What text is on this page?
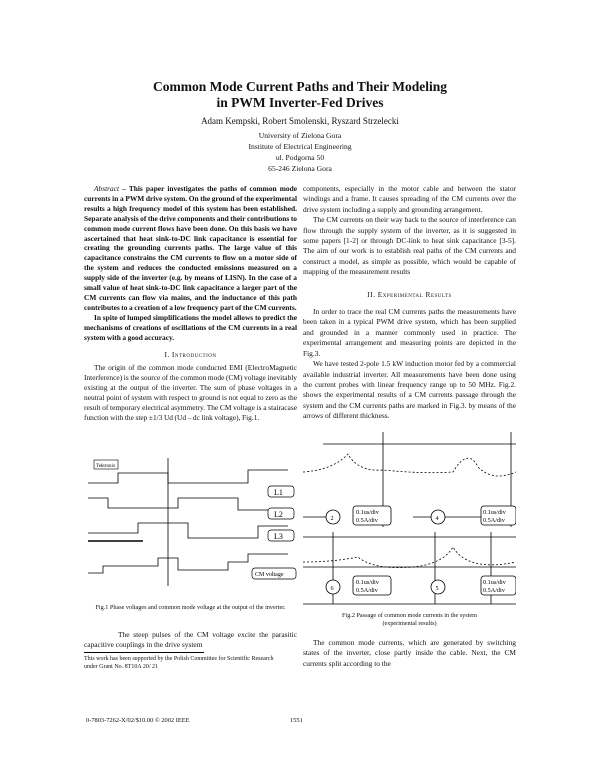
Common Mode Current Paths and Their Modeling
in PWM Inverter-Fed Drives
Adam Kempski, Robert Smolenski, Ryszard Strzelecki
University of Zielona Gora
Institute of Electrical Engineering
ul. Podgorna 50
65-246 Zielona Gora

Abstract – This paper investigates the paths of common mode currents in a PWM drive system. On the ground of the experimental results a high frequency model of this system has been established. Separate analysis of the drive components and their contributions to common mode current flows have been done. On this basis we have ascertained that heat sink-to-DC link capacitance is essential for creating the grounding currents paths. The large value of this capacitance constrains the CM currents to flow on a motor side of the system and reduces the conducted emissions measured on a supply side of the inverter (e.g. by means of LISN). In the case of a small value of heat sink-to-DC link capacitance a larger part of the CM currents can flow via mains, and the inductance of this path contributes to a creation of a low frequency part of the CM currents.

In spite of lumped simplifications the model allows to predict the mechanisms of creations of oscillations of the CM currents in a real system with a good accuracy.

I. Introduction

The origin of the common mode conducted EMI (ElectroMagnetic Interference) is the source of the common mode (CM) voltage inevitably existing at the output of the inverter. The sum of phase voltages in a neutral point of system with respect to ground is not equal to zero as the result of temporary electrical asymmetry. The CM voltage is a stairacase function with the step ±1/3 Ud (Ud – dc link voltage), Fig.1.

Tektronix
L1
L2
L3
CM voltage
Fig.1 Phase voltages and common mode voltage at the output of the inverter.

The steep pulses of the CM voltage excite the parasitic capacitive couplings in the drive system

This work has been supported by the Polish Committee for Scientific Research under Grant No. 8T10A 20/ 21

components, especially in the motor cable and between the stator windings and a frame. It causes spreading of the CM currents over the drive system including a supply and grounding arrangement.

The CM currents on their way back to the source of interference can flow through the supply system of the inverter, as it is suggested in some papers [1-2] or through DC-link to heat sink capacitance [3-5]. The aim of our work is to establish real paths of the CM currents and construct a model, as simple as possible, which would be capable of mapping of the measurement results

II. Experimental Results

In order to trace the real CM currents paths the measurements have been taken in a typical PWM drive system, which has been supplied and grounded in a manner commonly used in practice. The experimental arrangement and measuring points are depicted in the Fig.3.

We have tested 2-pole 1.5 kW induction motor fed by a commercial available industrial inverter. All measurements have been done using the current probes with linear frequency range up to 50 MHz. Fig.2. shows the experimental results of a CM currents passage through the system and the CM currents paths are marked in Fig.3. by means of the arrows of different thickness.

2
0.1us/div
0.5A/div	4
0.1us/div
0.5A/div
6
0.1us/div
0.5A/div	5
0.1us/div
0.5A/div
Fig.2 Passage of common mode currents in the system
(experimental results)

The common mode currents, which are generated by switching states of the inverter, close partly inside the cable. Next, the CM currents split according to the

0-7803-7262-X/02/$10.00 © 2002 IEEE	1551
